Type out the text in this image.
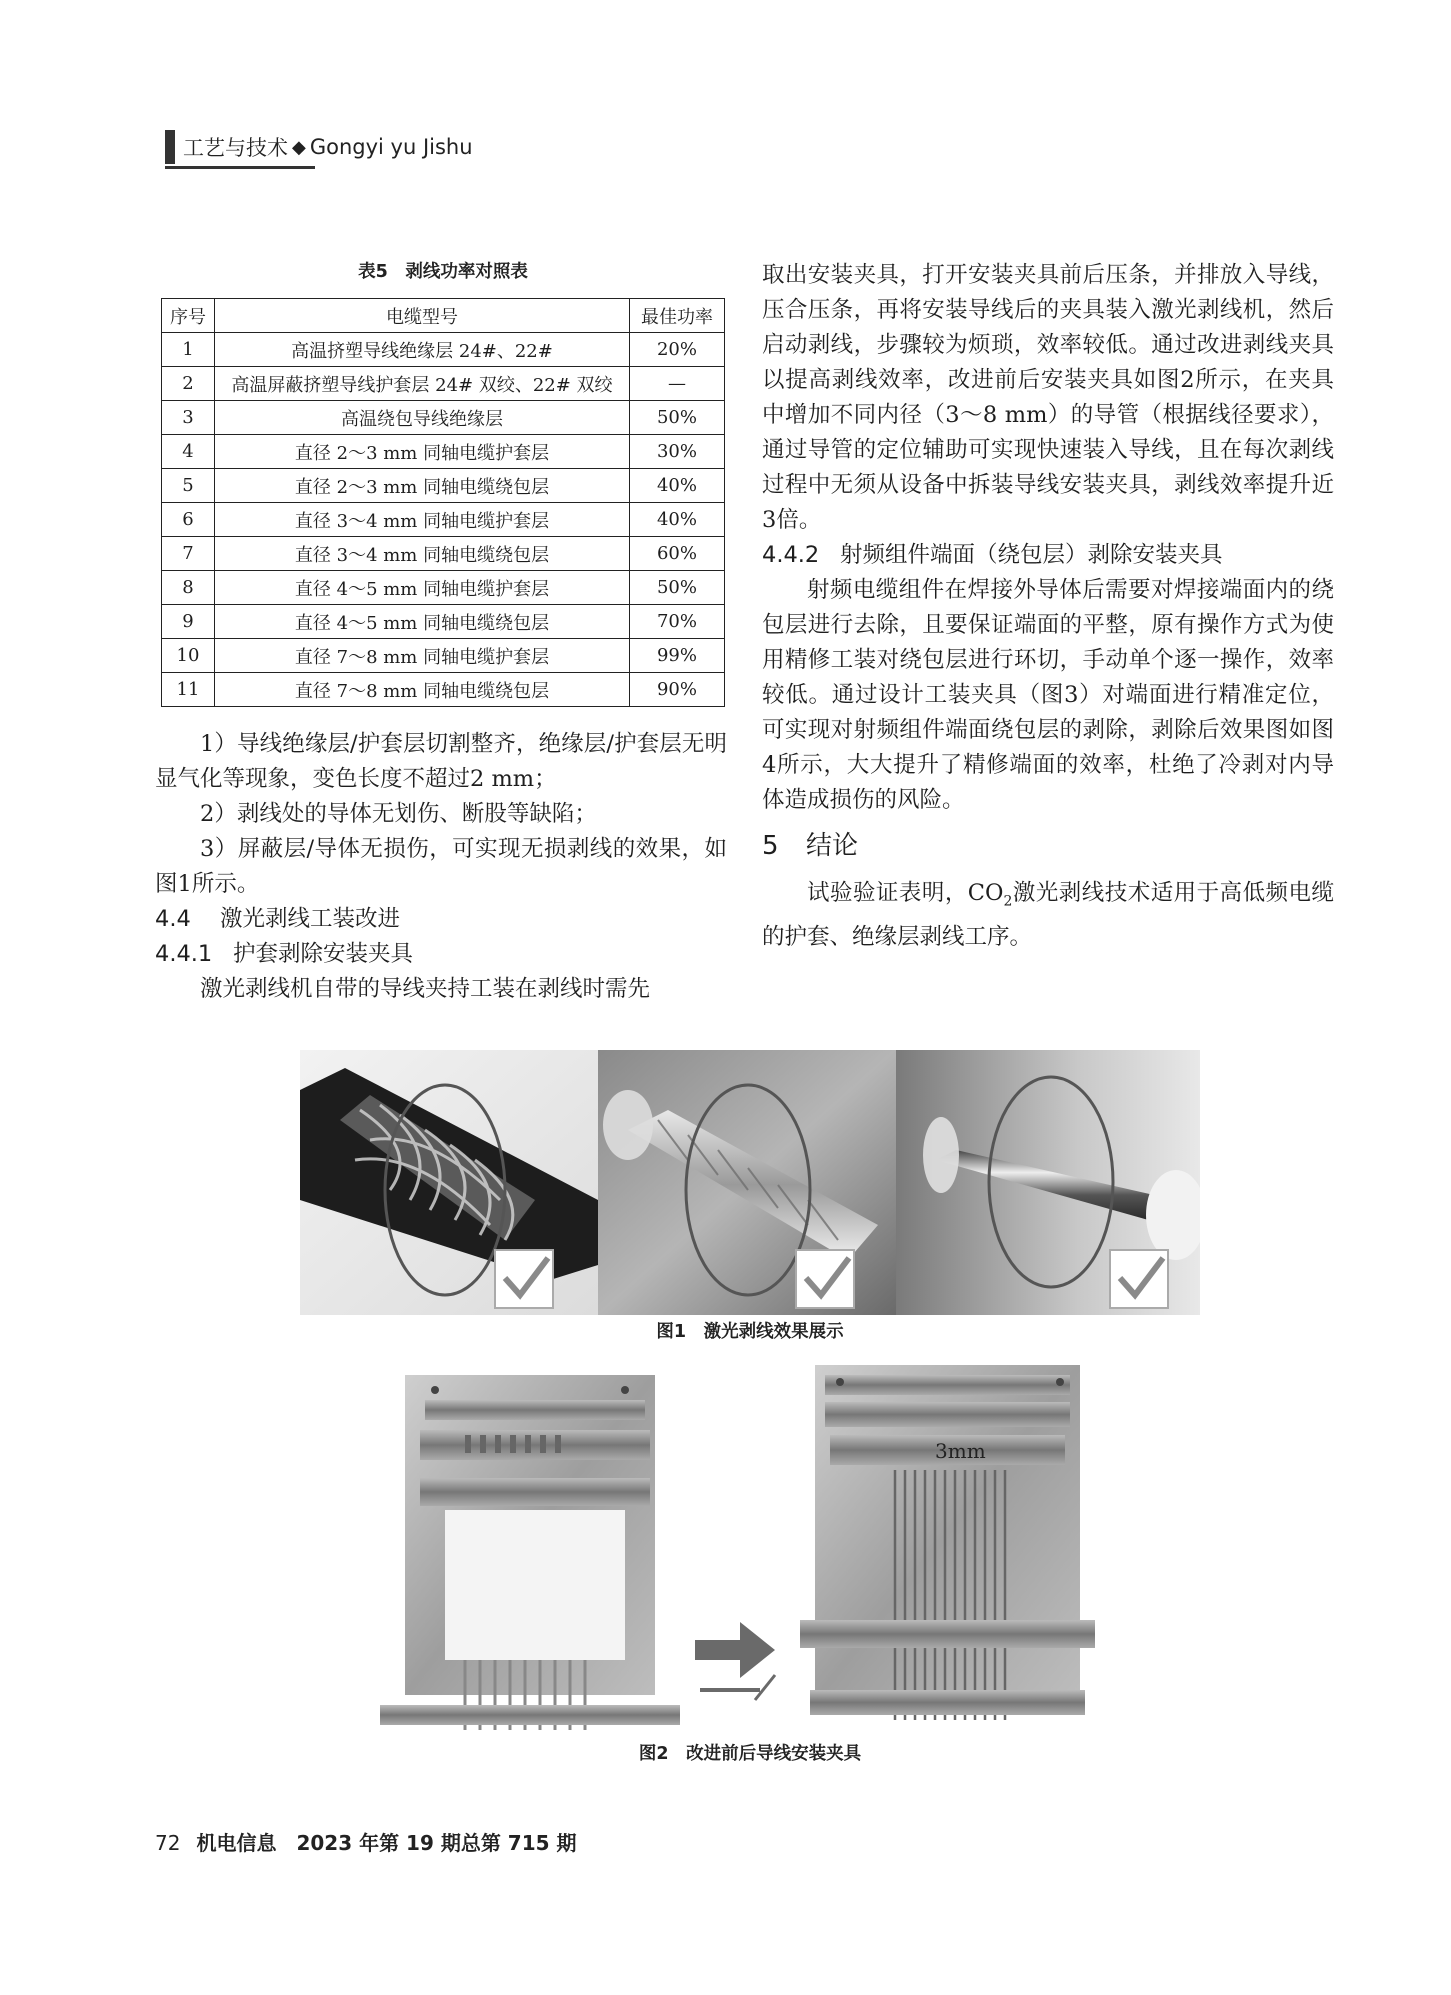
工艺与技术 ◆ Gongyi yu Jishu
表5　剥线功率对照表
序号	电缆型号	最佳功率
1	高温挤塑导线绝缘层 24#、22#	20%
2	高温屏蔽挤塑导线护套层 24# 双绞、22# 双绞	—
3	高温绕包导线绝缘层	50%
4	直径 2～3 mm 同轴电缆护套层	30%
5	直径 2～3 mm 同轴电缆绕包层	40%
6	直径 3～4 mm 同轴电缆护套层	40%
7	直径 3～4 mm 同轴电缆绕包层	60%
8	直径 4～5 mm 同轴电缆护套层	50%
9	直径 4～5 mm 同轴电缆绕包层	70%
10	直径 7～8 mm 同轴电缆护套层	99%
11	直径 7～8 mm 同轴电缆绕包层	90%

1）导线绝缘层/护套层切割整齐，绝缘层/护套层无明显气化等现象，变色长度不超过2 mm；

2）剥线处的导体无划伤、断股等缺陷；

3）屏蔽层/导体无损伤，可实现无损剥线的效果，如图1所示。

4.4 激光剥线工装改进

4.4.1 护套剥除安装夹具

激光剥线机自带的导线夹持工装在剥线时需先

取出安装夹具，打开安装夹具前后压条，并排放入导线，压合压条，再将安装导线后的夹具装入激光剥线机，然后启动剥线，步骤较为烦琐，效率较低。通过改进剥线夹具以提高剥线效率，改进前后安装夹具如图2所示，在夹具中增加不同内径（3～8 mm）的导管（根据线径要求），通过导管的定位辅助可实现快速装入导线，且在每次剥线过程中无须从设备中拆装导线安装夹具，剥线效率提升近3倍。

4.4.2 射频组件端面（绕包层）剥除安装夹具

射频电缆组件在焊接外导体后需要对焊接端面内的绕包层进行去除，且要保证端面的平整，原有操作方式为使用精修工装对绕包层进行环切，手动单个逐一操作，效率较低。通过设计工装夹具（图3）对端面进行精准定位，可实现对射频组件端面绕包层的剥除，剥除后效果图如图4所示，大大提升了精修端面的效率，杜绝了冷剥对内导体造成损伤的风险。

5 结论

试验验证表明，$CO_2$激光剥线技术适用于高低频电缆的护套、绝缘层剥线工序。

图1　激光剥线效果展示
3mm
图2　改进前后导线安装夹具
72 机电信息　2023 年第 19 期总第 715 期
